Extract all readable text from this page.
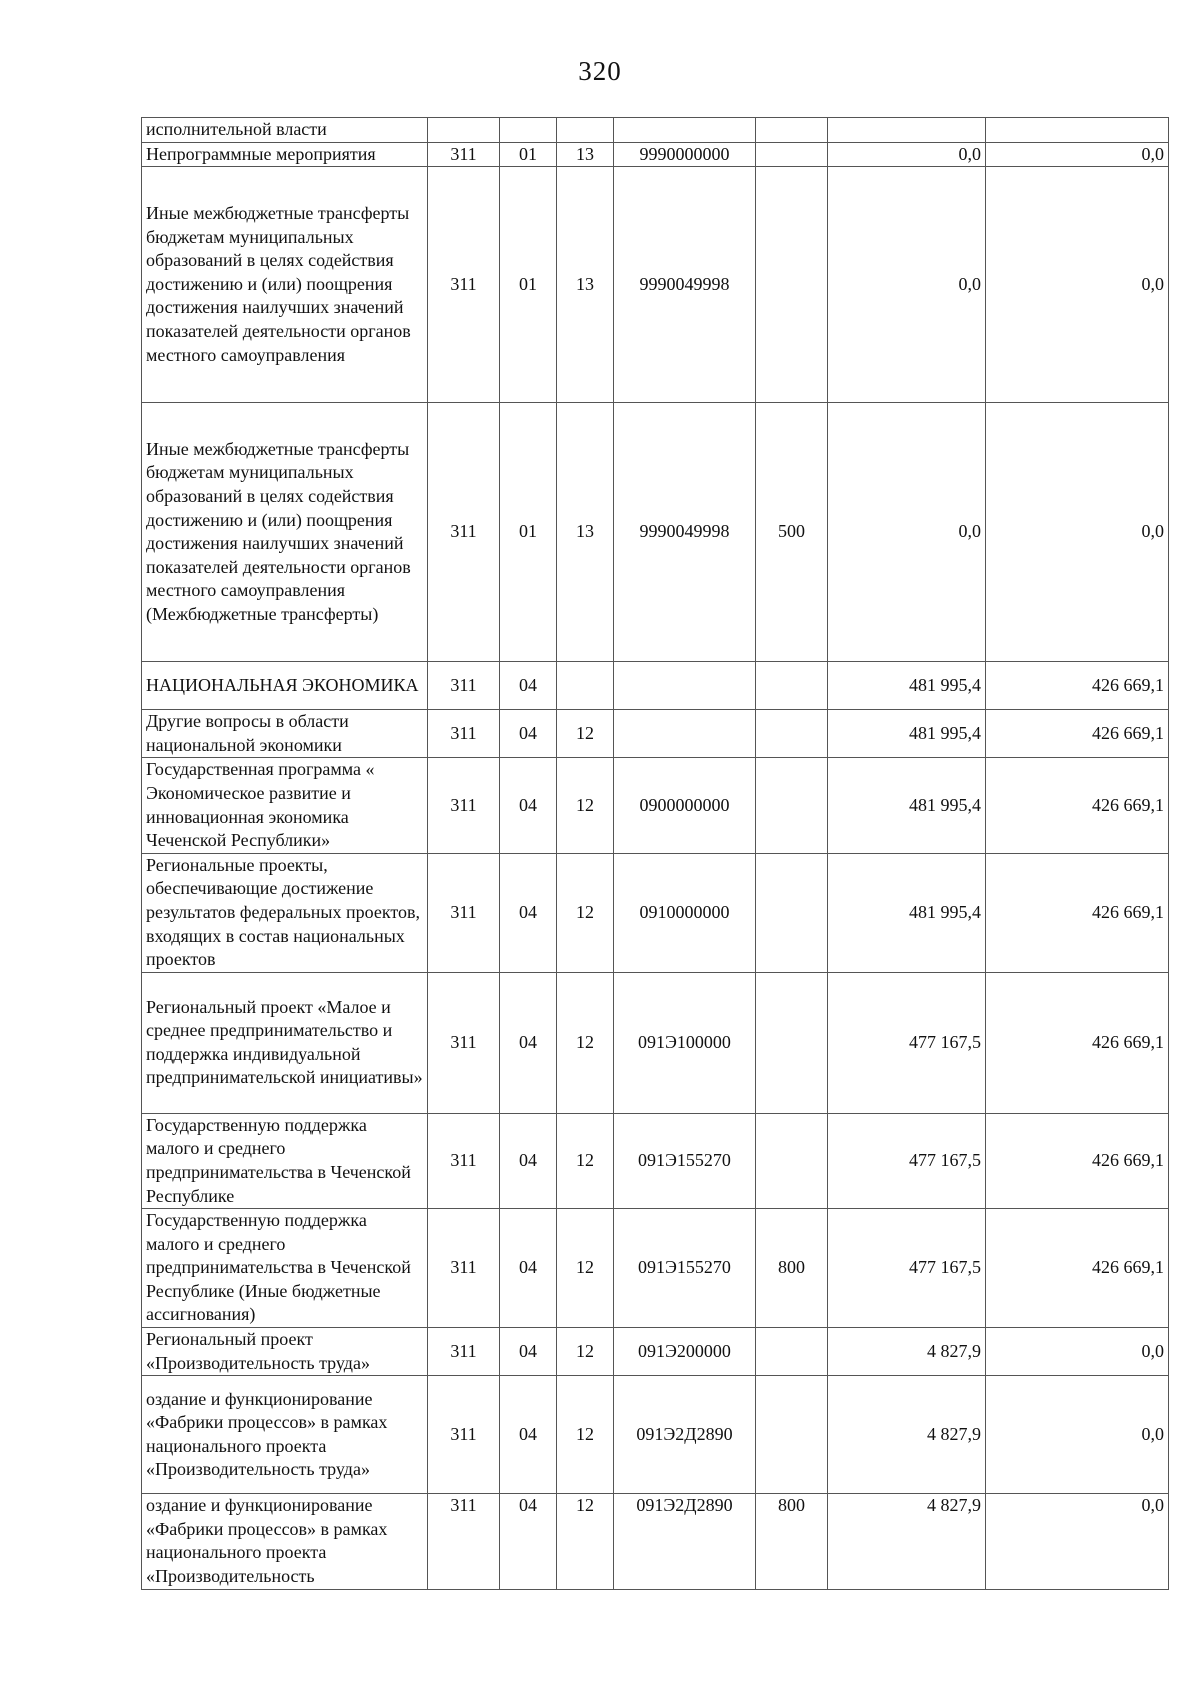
320
исполнительной власти							
Непрограммные мероприятия	311	01	13	9990000000		0,0	0,0
Иные межбюджетные трансферты бюджетам муниципальных образований в целях содействия достижению и (или) поощрения достижения наилучших значений показателей деятельности органов местного самоуправления	311	01	13	9990049998		0,0	0,0
Иные межбюджетные трансферты бюджетам муниципальных образований в целях содействия достижению и (или) поощрения достижения наилучших значений показателей деятельности органов местного самоуправления (Межбюджетные трансферты)	311	01	13	9990049998	500	0,0	0,0
НАЦИОНАЛЬНАЯ ЭКОНОМИКА	311	04				481 995,4	426 669,1
Другие вопросы в области национальной экономики	311	04	12			481 995,4	426 669,1
Государственная программа « Экономическое развитие и инновационная экономика Чеченской Республики»	311	04	12	0900000000		481 995,4	426 669,1
Региональные проекты, обеспечивающие достижение результатов федеральных проектов, входящих в состав национальных проектов	311	04	12	0910000000		481 995,4	426 669,1
Региональный проект «Малое и среднее предпринимательство и поддержка индивидуальной предпринимательской инициативы»	311	04	12	091Э100000		477 167,5	426 669,1
Государственную поддержка малого и среднего предпринимательства в Чеченской Республике	311	04	12	091Э155270		477 167,5	426 669,1
Государственную поддержка малого и среднего предпринимательства в Чеченской Республике (Иные бюджетные ассигнования)	311	04	12	091Э155270	800	477 167,5	426 669,1
Региональный проект «Производительность труда»	311	04	12	091Э200000		4 827,9	0,0
оздание и функционирование «Фабрики процессов» в рамках национального проекта «Производительность труда»	311	04	12	091Э2Д2890		4 827,9	0,0
оздание и функционирование «Фабрики процессов» в рамках национального проекта «Производительность	311	04	12	091Э2Д2890	800	4 827,9	0,0
